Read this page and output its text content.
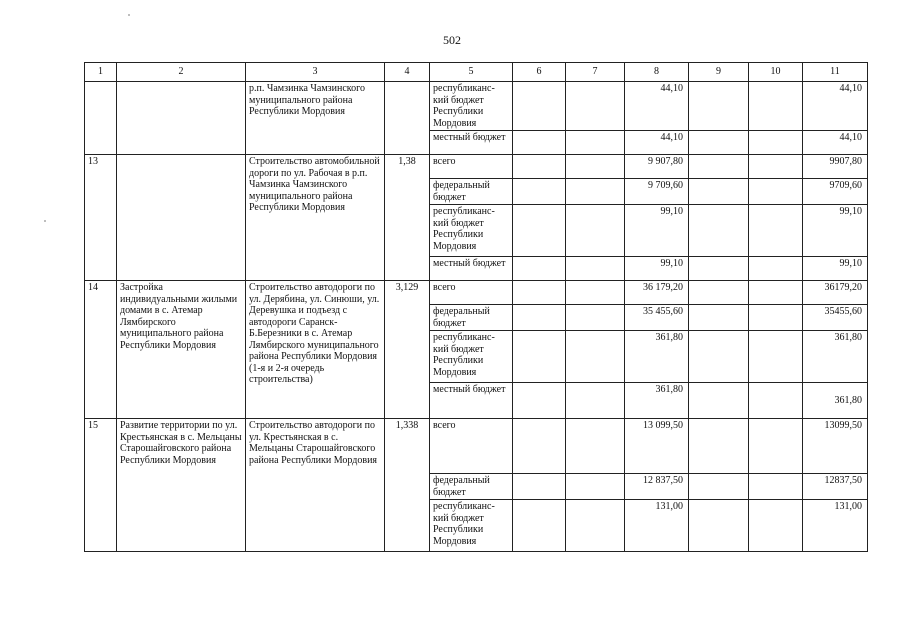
502
1	2	3	4	5	6	7	8	9	10	11
		р.п. Чамзинка Чамзинского муниципального района Республики Мордовия		республиканс-кий бюджет Республики Мордовия			44,10			44,10
				местный бюджет			44,10			44,10
13		Строительство автомобильной дороги по ул. Рабочая в р.п. Чамзинка Чамзинского муниципального района Республики Мордовия	1,38	всего			9 907,80			9907,80
				федеральный бюджет			9 709,60			9709,60
				республиканс-кий бюджет Республики Мордовия			99,10			99,10
				местный бюджет			99,10			99,10
14	Застройка индивидуальными жилыми домами в с. Атемар Лямбирского муниципального района Республики Мордовия	Строительство автодороги по ул. Дерябина, ул. Синюши, ул. Деревушка и подъезд с автодороги Саранск-Б.Березники в с. Атемар Лямбирского муниципального района Республики Мордовия (1-я и 2-я очередь строительства)	3,129	всего			36 179,20			36179,20
				федеральный бюджет			35 455,60			35455,60
				республиканс-кий бюджет Республики Мордовия			361,80			361,80
				местный бюджет			361,80			361,80
15	Развитие территории по ул. Крестьянская в с. Мельцаны Старошайговского района Республики Мордовия	Строительство автодороги по ул. Крестьянская в с. Мельцаны Старошайговского района Республики Мордовия	1,338	всего			13 099,50			13099,50
				федеральный бюджет			12 837,50			12837,50
				республиканс-кий бюджет Республики Мордовия			131,00			131,00
